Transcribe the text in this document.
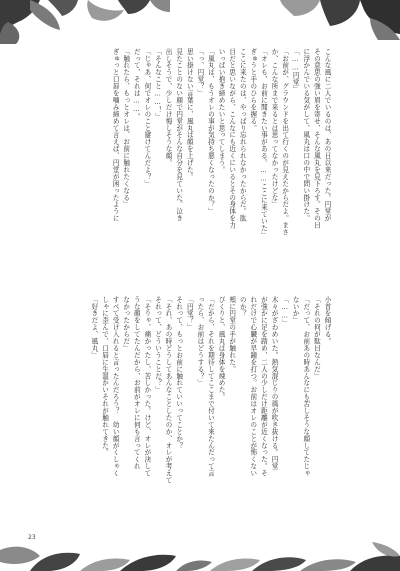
こんな風に二人でいるのは、あの日以来だった。円堂が
その意思の強い眉を寄せ、そんな風丸を見下ろす。その目
に浮かんでいる気がして、風丸は口の中で問い掛けた。
「……円堂」
「お前が、グラウンドを出て行くのが見えたからだよ。まさ
か、こんな所まで来るとは思ってなかったけどな」
「オレも、お前に聞きたい事がある。……ここに来ていた」
ぎゅうと手のひらを握る。
ここに来たのは、やっぱり忘れられなかったからだ。肱
目だと思いながら、こんなにも近くにいるとその身体を力
いっぱい抱き締めたいと思ってしまう。
「風丸は、もうオレの事が気持ち悪くなったのか？」
「っ、円堂？」
思い掛けない言葉に、風丸は顔を上げた。
見たことのない顔で円堂がそんな自分を見ていた。泣き
出しそうで、少しだけ悔しそうな顔。
「そんなこと……！」
「じゃあ、何でオレのこと避けてんだよ？」
だって、それは……。
「触れたら、もっとオレは、お前に触れたくなる」
ぎゅっと口唇を噛み締めて言えば、円堂が困ったように
小首を傾げる。
「それの何が駄目なんだ」
「だって、お前あの時あんなにも苦しそうな顔してたじゃ
ないか」
「……」
木々がざわめいた。熱気混じりの風が吹き抜ける。円堂
が強かに足を踏め、二人の少しだけ距離が近くなった。そ
れだけで心臓が早鐘を打つ。お前はオレのことが怖くない
のか？
頬に円堂の手が触れた。
びくりと、風丸は身体を竦めた。
「だから、それを期待してここまで付いて来たんだって言
ったら、お前はどうする？」
「円堂？」
それって、もっとお前に触れていいってことか？
「それ、あの時どうしてあんなことしたのか、オレが考えて
それって、どういうことだ？」
「そりゃ、痛かったし、苦しかった。けど、オレが決して
うな顔をしてたんだから、お前がオレに何も言ってくれ
なかったからだ」
すべて受け入れると言ったんだろう？　幼い顔がくしゃく
しゃに歪んで、口唇に生温かいそれが触れてきた。
「好きだよ、風丸」
23
